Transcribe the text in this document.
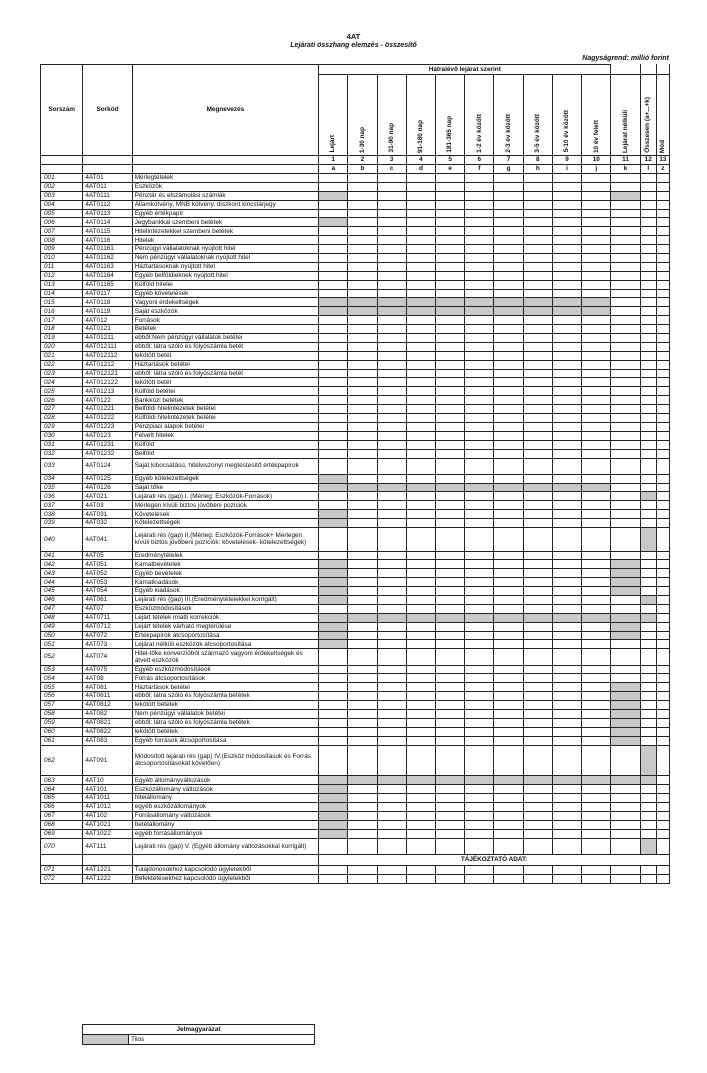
4AT
Lejárati összhang elemzés - összesítő
Nagyságrend: millió forint
Sorszám	Sorkód	Megnevezés	Hátralévő lejárat szerint												
			Lejárt	1-30 nap	31-90 nap	91-180 nap	181-365 nap	1-2 év között	2-3 év között	3-5 év között	5-10 év között	10 év felett	Lejárat nélküli	Összesen (a+...+k)	Mód
			1	2	3	4	5	6	7	8	9	10	11	12	13
			a	b	c	d	e	f	g	h	i	j	k	l	z
001	4AT01	Mérlegtételek													
002	4AT011	Eszközök													
003	4AT0111	Pénztár és elszámolási számlák													
004	4AT0112	Államkötvény, MNB kötvény, diszkont kincstárjegy													
005	4AT0113	Egyéb értékpapír													
006	4AT0114	Jegybankkal szembeni betétek													
007	4AT0115	Hitelintézetekkel szembeni betétek													
008	4AT0116	Hitelek													
009	4AT01161	Pénzügyi vállalatoknak nyújtott hitel													
010	4AT01162	Nem pénzügyi vállalatoknak nyújtott hitel													
011	4AT01163	Háztartásoknak nyújtott hitel													
012	4AT01164	Egyéb belföldieknek nyújtott hitel													
013	4AT01165	Külföld hitelei													
014	4AT0117	Egyéb követelések													
015	4AT0118	Vagyoni érdekeltségek													
016	4AT0119	Saját eszközök													
017	4AT012	Források													
018	4AT0121	Betétek													
019	4AT01211	ebből:Nem pénzügyi vállalatok betétei													
020	4AT012111	ebből: látra szóló és folyószámla betét													
021	4AT012112	lekötött betét													
022	4AT01212	Háztartások betétei													
023	4AT012121	ebből: látra szóló és folyószámla betét													
024	4AT012122	lekötött betét													
025	4AT01213	Külföld betétei													
026	4AT0122	Bankközi betétek													
027	4AT01221	Belföldi hitelintézetek betétei													
028	4AT01222	Külföldi hitelintézetek betétei													
029	4AT01223	Pénzpiaci alapok betétei													
030	4AT0123	Felvett hitelek													
031	4AT01231	Külföld													
032	4AT01232	Belföld													
033	4AT0124	Saját kibocsátású, hitelviszonyt megtestesítő értékpapírok													
034	4AT0125	Egyéb kötelezettségek													
035	4AT0126	Saját tőke													
036	4AT021	Lejárati rés (gap) I. (Mérleg: Eszközök-Források)													
037	4AT03	Mérlegen kívüli biztos jövőbeni pozíciók													
038	4AT031	Követelések													
039	4AT032	Kötelezettségek													
040	4AT041	Lejárati rés (gap) II.(Mérleg: Eszközök-Források+ Mérlegen kívüli biztos jövőbeni pozíciók: követelések- kötelezettségek)													
041	4AT05	Eredménytételek													
042	4AT051	Kamatbevételek													
043	4AT052	Egyéb bevételek													
044	4AT053	Kamatkiadások													
045	4AT054	Egyéb kiadások													
046	4AT061	Lejárati rés (gap) III.(Eredménytételekkel korrigált)													
047	4AT07	Eszközmódosítások													
048	4AT0711	Lejárt tételek miatti korrekciók													
049	4AT0712	Lejárt tételek várható megtérülése													
050	4AT072	Értékpapírok átcsoportosítása													
051	4AT073	Lejárat nélküli eszközök átcsoportosítása													
052	4AT074	Hitel-tőke konverzióból származó vagyoni érdekeltségek és átvett eszközök													
053	4AT075	Egyéb eszközmódosítások													
054	4AT08	Forrás átcsoportosítások													
055	4AT081	Háztartások betétei													
056	4AT0811	ebből: látra szóló és folyószámla betétek													
057	4AT0812	lekötött betétek													
058	4AT082	Nem pénzügyi vállalatok betétei													
059	4AT0821	ebből: látra szóló és folyószámla betétek													
060	4AT0822	lekötött betétek													
061	4AT083	Egyéb források átcsoportosítása													
062	4AT091	Módosított lejárati rés (gap) IV.(Eszköz módosítások és Forrás átcsoportosításokat követően)													
063	4AT10	Egyéb állományváltozások													
064	4AT101	Eszközállomány változások													
065	4AT1011	hitelállomány													
066	4AT1012	egyéb eszközállományok													
067	4AT102	Forrásállomány változások													
068	4AT1021	betétállomány													
069	4AT1022	egyéb forrásállományok													
070	4AT111	Lejárati rés (gap) V. (Egyéb állomány változásokkal korrigált)													
			TÁJÉKOZTATÓ ADAT:												
071	4AT1221	Tulajdonosokhoz kapcsolódó ügyletekből													
072	4AT1222	Befektetésekhez kapcsolódó ügyletekből													
Jelmagyarázat
	Tilos
